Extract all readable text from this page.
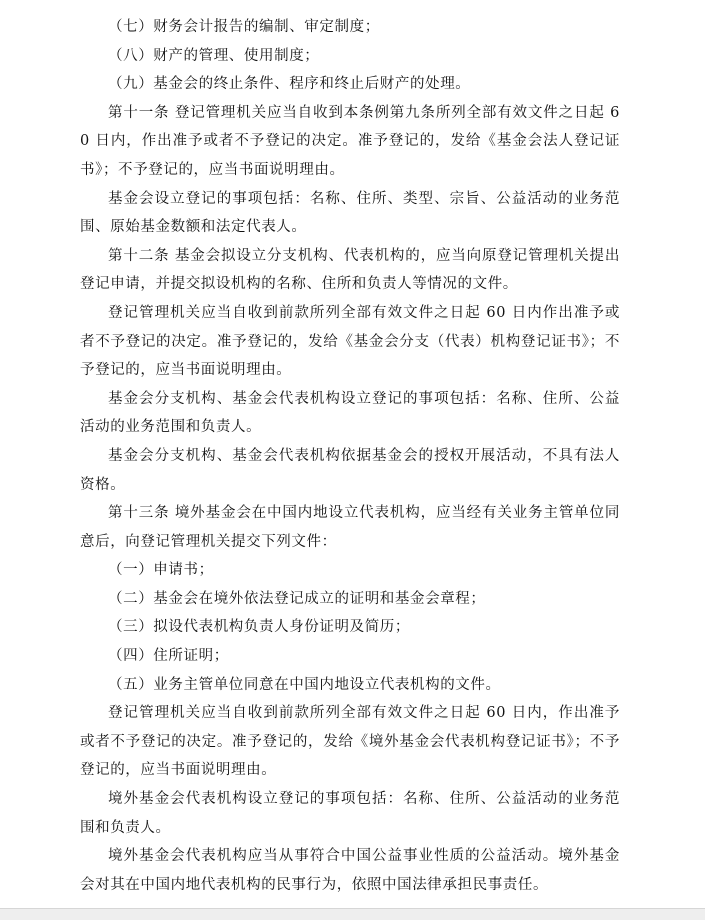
（七）财务会计报告的编制、审定制度；

（八）财产的管理、使用制度；

（九）基金会的终止条件、程序和终止后财产的处理。

第十一条 登记管理机关应当自收到本条例第九条所列全部有效文件之日起 60 日内，作出准予或者不予登记的决定。准予登记的，发给《基金会法人登记证书》；不予登记的，应当书面说明理由。

基金会设立登记的事项包括：名称、住所、类型、宗旨、公益活动的业务范围、原始基金数额和法定代表人。

第十二条 基金会拟设立分支机构、代表机构的，应当向原登记管理机关提出登记申请，并提交拟设机构的名称、住所和负责人等情况的文件。

登记管理机关应当自收到前款所列全部有效文件之日起 60 日内作出准予或者不予登记的决定。准予登记的，发给《基金会分支（代表）机构登记证书》；不予登记的，应当书面说明理由。

基金会分支机构、基金会代表机构设立登记的事项包括：名称、住所、公益活动的业务范围和负责人。

基金会分支机构、基金会代表机构依据基金会的授权开展活动，不具有法人资格。

第十三条 境外基金会在中国内地设立代表机构，应当经有关业务主管单位同意后，向登记管理机关提交下列文件：

（一）申请书；

（二）基金会在境外依法登记成立的证明和基金会章程；

（三）拟设代表机构负责人身份证明及简历；

（四）住所证明；

（五）业务主管单位同意在中国内地设立代表机构的文件。

登记管理机关应当自收到前款所列全部有效文件之日起 60 日内，作出准予或者不予登记的决定。准予登记的，发给《境外基金会代表机构登记证书》；不予登记的，应当书面说明理由。

境外基金会代表机构设立登记的事项包括：名称、住所、公益活动的业务范围和负责人。

境外基金会代表机构应当从事符合中国公益事业性质的公益活动。境外基金会对其在中国内地代表机构的民事行为，依照中国法律承担民事责任。
